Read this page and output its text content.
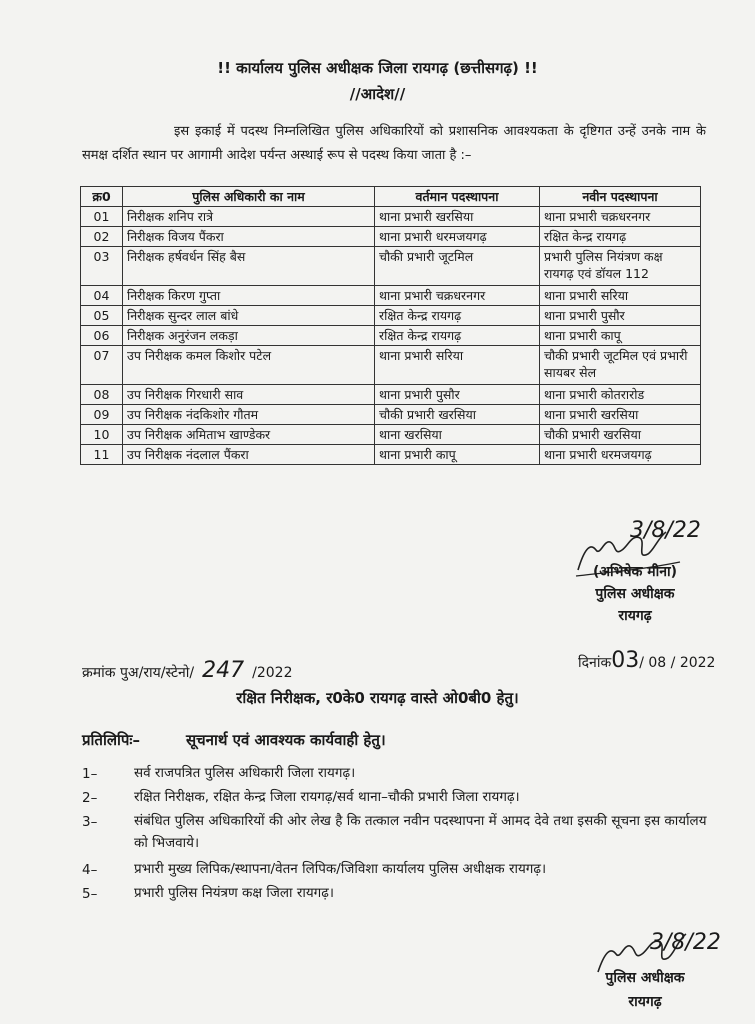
!! कार्यालय पुलिस अधीक्षक जिला रायगढ़ (छत्तीसगढ़) !!
//आदेश//
इस इकाई में पदस्थ निम्नलिखित पुलिस अधिकारियों को प्रशासनिक आवश्यकता के दृष्टिगत उन्हें उनके नाम के समक्ष दर्शित स्थान पर आगामी आदेश पर्यन्त अस्थाई रूप से पदस्थ किया जाता है :–
क्र0	पुलिस अधिकारी का नाम	वर्तमान पदस्थापना	नवीन पदस्थापना
01	निरीक्षक शनिप रात्रे	थाना प्रभारी खरसिया	थाना प्रभारी चक्रधरनगर
02	निरीक्षक विजय पैंकरा	थाना प्रभारी धरमजयगढ़	रक्षित केन्द्र रायगढ़
03	निरीक्षक हर्षवर्धन सिंह बैस	चौकी प्रभारी जूटमिल	प्रभारी पुलिस नियंत्रण कक्ष रायगढ़ एवं डॉयल 112
04	निरीक्षक किरण गुप्ता	थाना प्रभारी चक्रधरनगर	थाना प्रभारी सरिया
05	निरीक्षक सुन्दर लाल बांधे	रक्षित केन्द्र रायगढ़	थाना प्रभारी पुसौर
06	निरीक्षक अनुरंजन लकड़ा	रक्षित केन्द्र रायगढ़	थाना प्रभारी कापू
07	उप निरीक्षक कमल किशोर पटेल	थाना प्रभारी सरिया	चौकी प्रभारी जूटमिल एवं प्रभारी सायबर सेल
08	उप निरीक्षक गिरधारी साव	थाना प्रभारी पुसौर	थाना प्रभारी कोतरारोड
09	उप निरीक्षक नंदकिशोर गौतम	चौकी प्रभारी खरसिया	थाना प्रभारी खरसिया
10	उप निरीक्षक अमिताभ खाण्डेकर	थाना खरसिया	चौकी प्रभारी खरसिया
11	उप निरीक्षक नंदलाल पैंकरा	थाना प्रभारी कापू	थाना प्रभारी धरमजयगढ़
3/8/22
(अभिषेक मीना)
पुलिस अधीक्षक
रायगढ़
क्रमांक पुअ/राय/स्टेनो/ 247 /2022
दिनांक03/ 08 / 2022
रक्षित निरीक्षक, र0के0 रायगढ़ वास्ते ओ0बी0 हेतु।
प्रतिलिपिः–	सूचनार्थ एवं आवश्यक कार्यवाही हेतु।
1–	सर्व राजपत्रित पुलिस अधिकारी जिला रायगढ़।
2–	रक्षित निरीक्षक, रक्षित केन्द्र जिला रायगढ़/सर्व थाना–चौकी प्रभारी जिला रायगढ़।
3–	संबंधित पुलिस अधिकारियों की ओर लेख है कि तत्काल नवीन पदस्थापना में आमद देवे तथा इसकी सूचना इस कार्यालय को भिजवाये।
4–	प्रभारी मुख्य लिपिक/स्थापना/वेतन लिपिक/जिविशा कार्यालय पुलिस अधीक्षक रायगढ़।
5–	प्रभारी पुलिस नियंत्रण कक्ष जिला रायगढ़।
3/8/22
पुलिस अधीक्षक
रायगढ़
